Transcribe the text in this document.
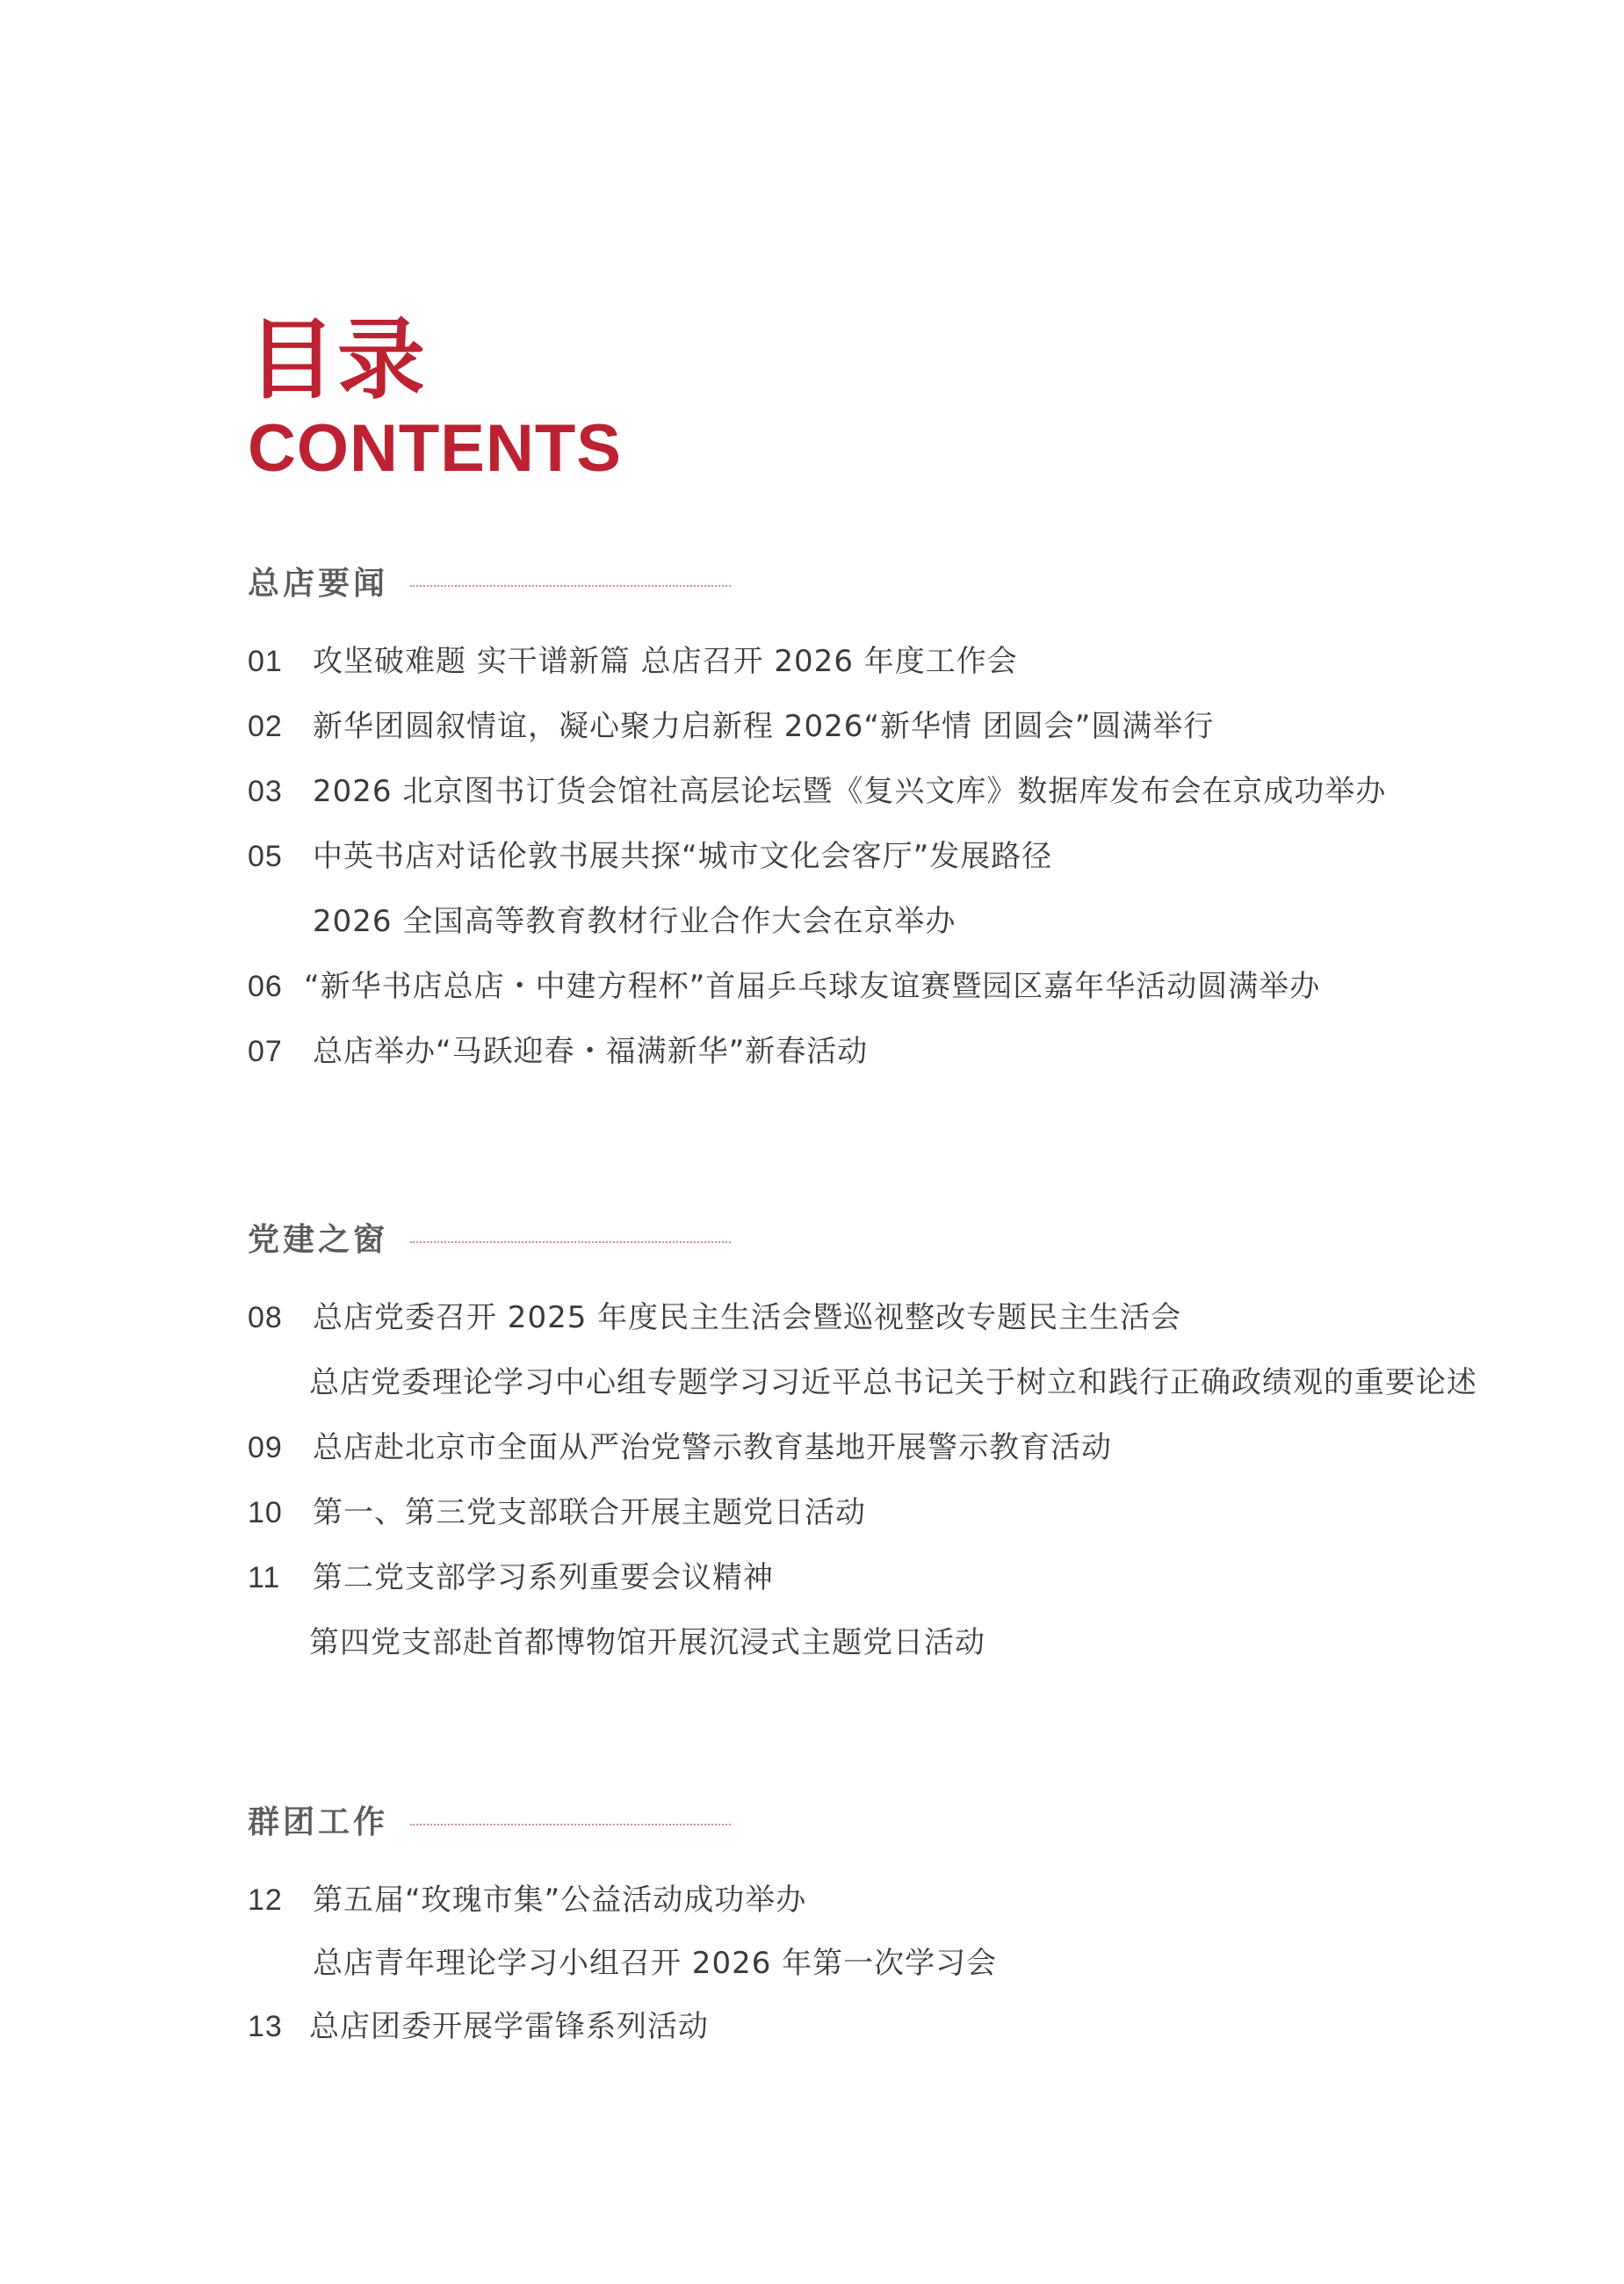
目录
CONTENTS
总店要闻
01	攻坚破难题 实干谱新篇 总店召开 2026 年度工作会
02	新华团圆叙情谊，凝心聚力启新程 2026“新华情 团圆会”圆满举行
03	2026 北京图书订货会馆社高层论坛暨《复兴文库》数据库发布会在京成功举办
05	中英书店对话伦敦书展共探“城市文化会客厅”发展路径
2026 全国高等教育教材行业合作大会在京举办
06 “新华书店总店・中建方程杯”首届乒乓球友谊赛暨园区嘉年华活动圆满举办
07	总店举办“马跃迎春・福满新华”新春活动
党建之窗
08	总店党委召开 2025 年度民主生活会暨巡视整改专题民主生活会
总店党委理论学习中心组专题学习习近平总书记关于树立和践行正确政绩观的重要论述
09	总店赴北京市全面从严治党警示教育基地开展警示教育活动
10	第一、第三党支部联合开展主题党日活动
11	第二党支部学习系列重要会议精神
第四党支部赴首都博物馆开展沉浸式主题党日活动
群团工作
12	第五届“玫瑰市集”公益活动成功举办
总店青年理论学习小组召开 2026 年第一次学习会
13 总店团委开展学雷锋系列活动
